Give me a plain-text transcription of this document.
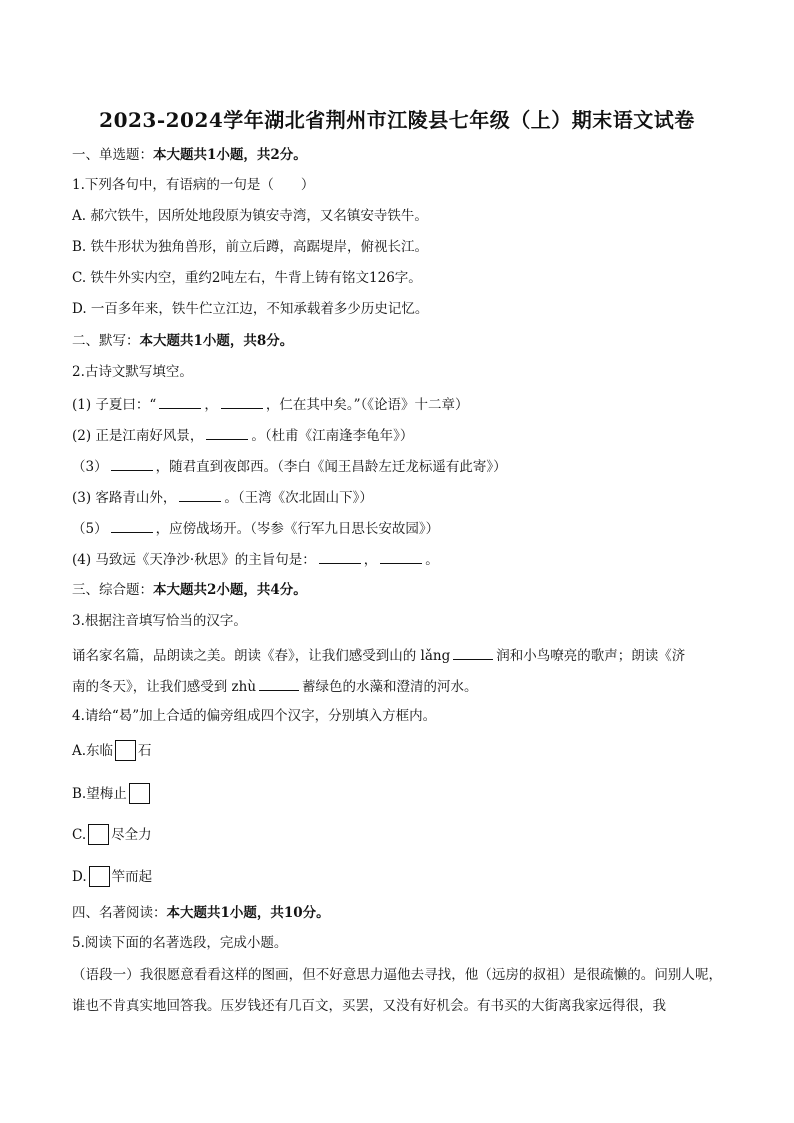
2023-2024学年湖北省荆州市江陵县七年级（上）期末语文试卷
一、单选题：本大题共1小题，共2分。
1.下列各句中，有语病的一句是（　　）
A. 郝穴铁牛，因所处地段原为镇安寺湾，又名镇安寺铁牛。
B. 铁牛形状为独角兽形，前立后蹲，高踞堤岸，俯视长江。
C. 铁牛外实内空，重约2吨左右，牛背上铸有铭文126字。
D. 一百多年来，铁牛伫立江边，不知承载着多少历史记忆。
二、默写：本大题共1小题，共8分。
2.古诗文默写填空。
(1) 子夏曰：“	，	，仁在其中矣。”（《论语》十二章）
(2) 正是江南好风景，	。（杜甫《江南逢李龟年》）
（3）	，随君直到夜郎西。（李白《闻王昌龄左迁龙标遥有此寄》）
(3) 客路青山外，	。（王湾《次北固山下》）
（5）	，应傍战场开。（岑参《行军九日思长安故园》）
(4) 马致远《天净沙·秋思》的主旨句是：	，	。
三、综合题：本大题共2小题，共4分。
3.根据注音填写恰当的汉字。
诵名家名篇，品朗读之美。朗读《春》，让我们感受到山的 lǎng	润和小鸟嘹亮的歌声；朗读《济
南的冬天》，让我们感受到 zhù	蓄绿色的水藻和澄清的河水。
4.请给“曷”加上合适的偏旁组成四个汉字，分别填入方框内。
A.东临 石
B.望梅止
C. 尽全力
D. 竿而起
四、名著阅读：本大题共1小题，共10分。
5.阅读下面的名著选段，完成小题。
（语段一）我很愿意看看这样的图画，但不好意思力逼他去寻找，他（远房的叔祖）是很疏懒的。问别人呢，谁也不肯真实地回答我。压岁钱还有几百文，买罢，又没有好机会。有书买的大街离我家远得很，我
